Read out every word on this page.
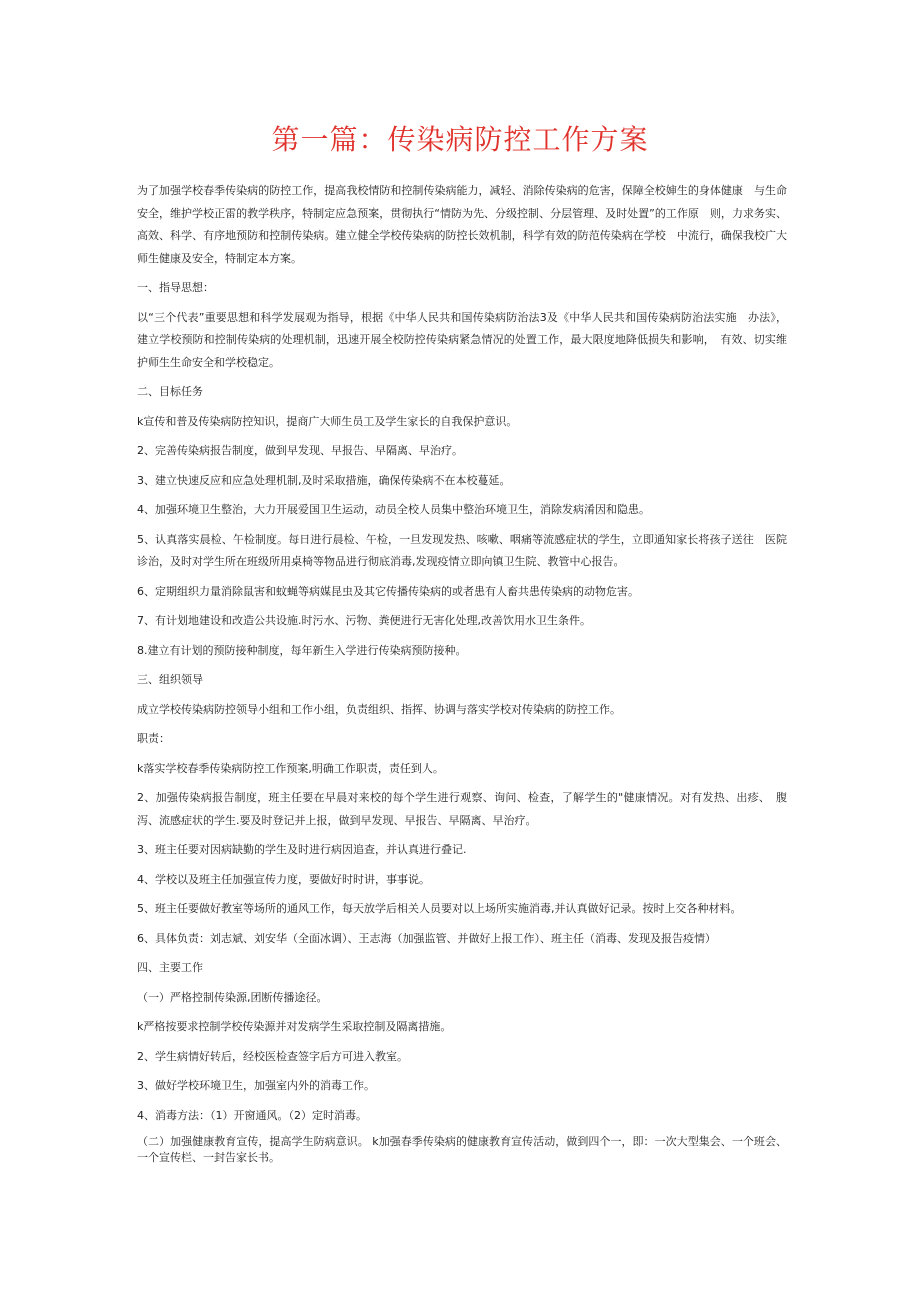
第一篇：传染病防控工作方案

为了加强学校春季传染病的防控工作，提高我校情防和控制传染病能力，减轻、消除传染病的危害，保障全校婶生的身体健康　与生命安全，维护学校正雷的教学秩序，特制定应急预案，贯彻执行“情防为先、分级控制、分层管理、及时处置”的工作原　则，力求务实、高效、科学、有序地预防和控制传染病。建立健全学校传染病的防控长效机制，科学有效的防范传染病在学校　中流行，确保我校广大师生健康及安全，特制定本方案。

一、指导思想：

以“三个代表”重要思想和科学发展观为指导，根据《中华人民共和国传染病防治法3及《中华人民共和国传染病防治法实施　办法》，建立学校预防和控制传染病的处理机制，迅速开展全校防控传染病紧急情况的处置工作，最大限度地降低损失和影响，　有效、切实维护师生生命安全和学校稳定。

二、目标任务

k宣传和普及传染病防控知识，提商广大师生员工及学生家长的自我保护意识。

2、完善传染病报告制度，做到早发现、早报告、早隔离、早治疗。

3、建立快速反应和应急处理机制,及时采取措施，确保传染病不在本校蔓延。

4、加强环境卫生整治，大力开展爱国卫生运动，动员全校人员集中整治环境卫生，消除发病淆因和隐患。

5、认真落实晨检、午检制度。每日进行晨检、午检，一旦发现发热、咳嗽、咽痛等流感症状的学生，立即通知家长将孩子送往　医院诊治，及时对学生所在班级所用桌椅等物品进行彻底消毒,发现疫情立即向镇卫生院、教管中心报告。

6、定期组织力量消除鼠害和蚊蝇等病媒昆虫及其它传播传染病的或者患有人畜共患传染病的动物危害。

7、有计划地建设和改造公共设施.时污水、污物、粪便进行无害化处理,改善饮用水卫生条件。

8.建立有计划的预防接种制度，每年新生入学进行传染病预防接种。

三、组织领导

成立学校传染病防控领导小组和工作小组，负责组织、指挥、协调与落实学校对传染病的防控工作。

职责：

k落实学校春季传染病防控工作预案,明确工作职责，责任到人。

2、加强传染病报告制度，班主任要在早晨对来校的每个学生进行观察、询问、检查，了解学生的"健康情况。对有发热、出疹、　腹泻、流感症状的学生.要及时登记并上报，做到早发现、早报告、早隔离、早治疗。

3、班主任要对因病缺勤的学生及时进行病因追查，并认真进行叠记.

4、学校以及班主任加强宣传力度，要做好时时讲，事事说。

5、班主任要做好教室等场所的通风工作，每天放学后相关人员要对以上场所实施消毒,并认真做好记录。按时上交各种材料。

6、具体负责：刘志斌、刘安华（全面冰调）、王志海（加强监管、并做好上报工作）、班主任（消毒、发现及报告疫情）

四、主要工作

（一）严格控制传染源,团断传播途径。

k严格按要求控制学校传染源并对发病学生采取控制及隔离措施。

2、学生病情好转后，经校医检查签字后方可进入教室。

3、做好学校环境卫生，加强室内外的消毒工作。

4、消毒方法：（1）开窗通风。（2）定时消毒。

（二）加强健康教育宣传，提高学生防病意识。 k加强春季传染病的健康教育宣传活动，做到四个一，即：一次大型集会、一个班会、一个宣传栏、一封告家长书。
